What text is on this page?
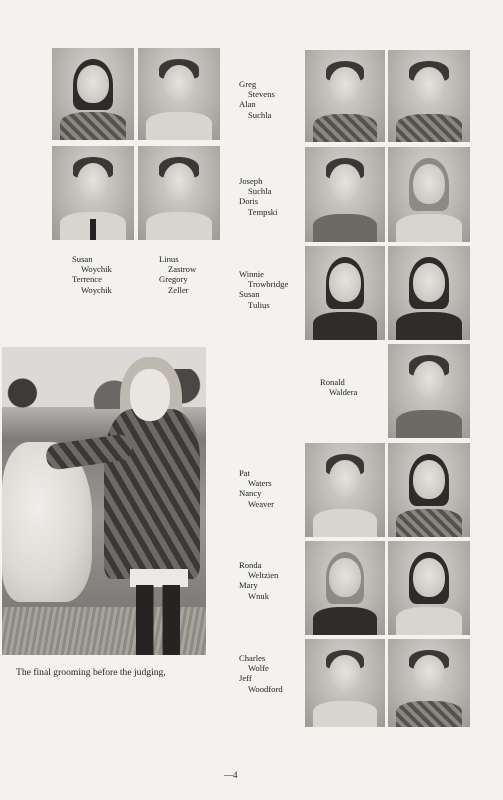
Greg
Stevens
Alan
Suchla
Joseph
Suchla
Doris
Tempski
Susan
Woychik
Terrence
Woychik
Linus
Zastrow
Gregory
Zeller
Winnie
Trowbridge
Susan
Tulius
Ronald
Waldera
Pat
Waters
Nancy
Weaver
Ronda
Weltzien
Mary
Wnuk
Charles
Wolfe
Jeff
Woodford
The final grooming before the judging,
—4
